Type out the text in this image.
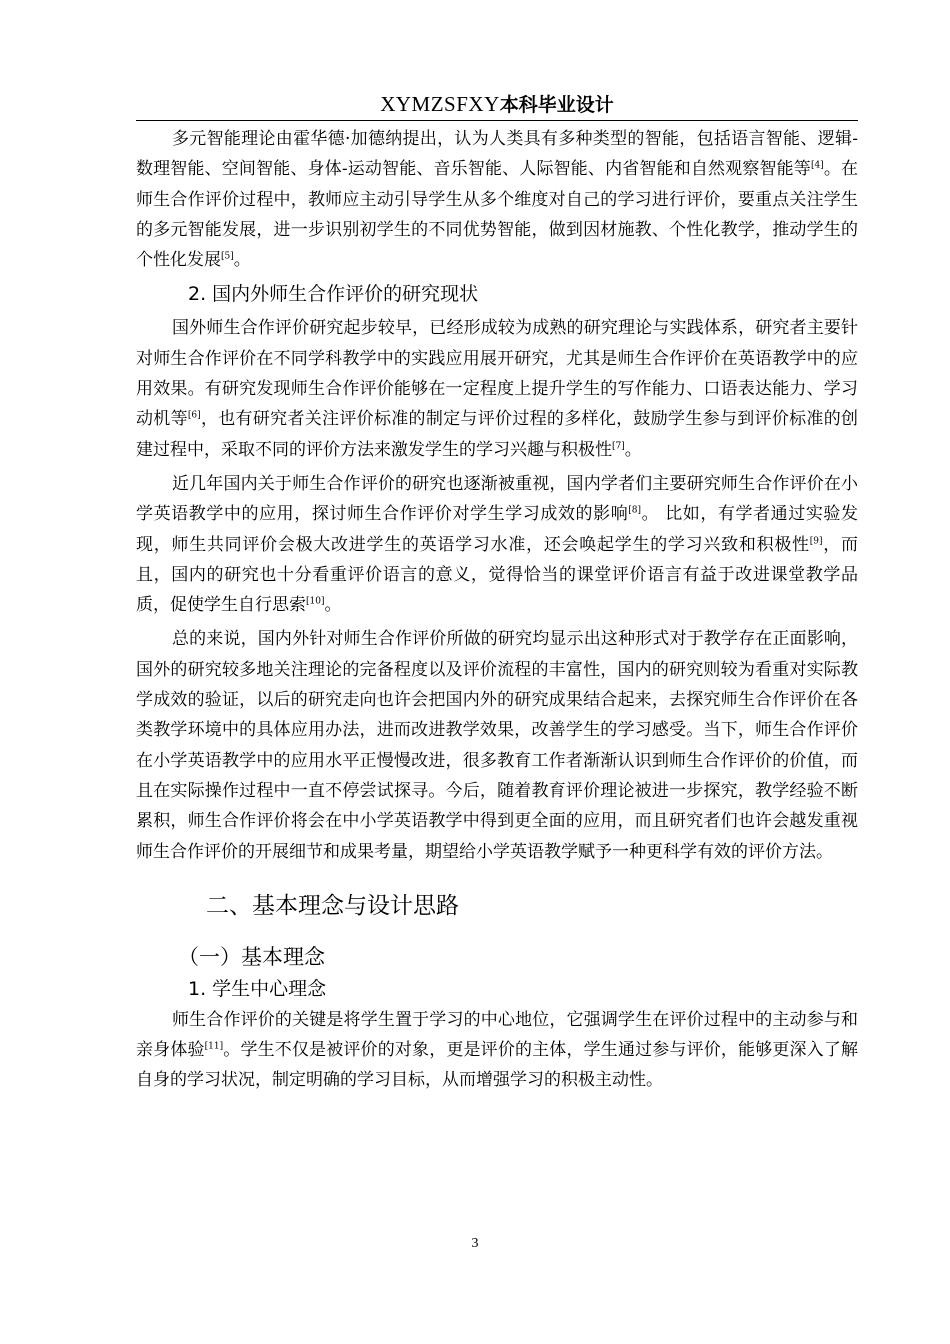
XYMZSFXY本科毕业设计

多元智能理论由霍华德·加德纳提出，认为人类具有多种类型的智能，包括语言智能、逻辑-数理智能、空间智能、身体-运动智能、音乐智能、人际智能、内省智能和自然观察智能等[4]。在师生合作评价过程中，教师应主动引导学生从多个维度对自己的学习进行评价，要重点关注学生的多元智能发展，进一步识别初学生的不同优势智能，做到因材施教、个性化教学，推动学生的个性化发展[5]。

2. 国内外师生合作评价的研究现状

国外师生合作评价研究起步较早，已经形成较为成熟的研究理论与实践体系，研究者主要针对师生合作评价在不同学科教学中的实践应用展开研究，尤其是师生合作评价在英语教学中的应用效果。有研究发现师生合作评价能够在一定程度上提升学生的写作能力、口语表达能力、学习动机等[6]，也有研究者关注评价标准的制定与评价过程的多样化，鼓励学生参与到评价标准的创建过程中，采取不同的评价方法来激发学生的学习兴趣与积极性[7]。

近几年国内关于师生合作评价的研究也逐渐被重视，国内学者们主要研究师生合作评价在小学英语教学中的应用，探讨师生合作评价对学生学习成效的影响[8]。 比如，有学者通过实验发现，师生共同评价会极大改进学生的英语学习水准，还会唤起学生的学习兴致和积极性[9]，而且，国内的研究也十分看重评价语言的意义，觉得恰当的课堂评价语言有益于改进课堂教学品质，促使学生自行思索[10]。

总的来说，国内外针对师生合作评价所做的研究均显示出这种形式对于教学存在正面影响，国外的研究较多地关注理论的完备程度以及评价流程的丰富性，国内的研究则较为看重对实际教学成效的验证，以后的研究走向也许会把国内外的研究成果结合起来，去探究师生合作评价在各类教学环境中的具体应用办法，进而改进教学效果，改善学生的学习感受。当下，师生合作评价在小学英语教学中的应用水平正慢慢改进，很多教育工作者渐渐认识到师生合作评价的价值，而且在实际操作过程中一直不停尝试探寻。今后，随着教育评价理论被进一步探究，教学经验不断累积，师生合作评价将会在中小学英语教学中得到更全面的应用，而且研究者们也许会越发重视师生合作评价的开展细节和成果考量，期望给小学英语教学赋予一种更科学有效的评价方法。

二、基本理念与设计思路
（一）基本理念
1. 学生中心理念

师生合作评价的关键是将学生置于学习的中心地位，它强调学生在评价过程中的主动参与和亲身体验[11]。学生不仅是被评价的对象，更是评价的主体，学生通过参与评价，能够更深入了解自身的学习状况，制定明确的学习目标，从而增强学习的积极主动性。

3
